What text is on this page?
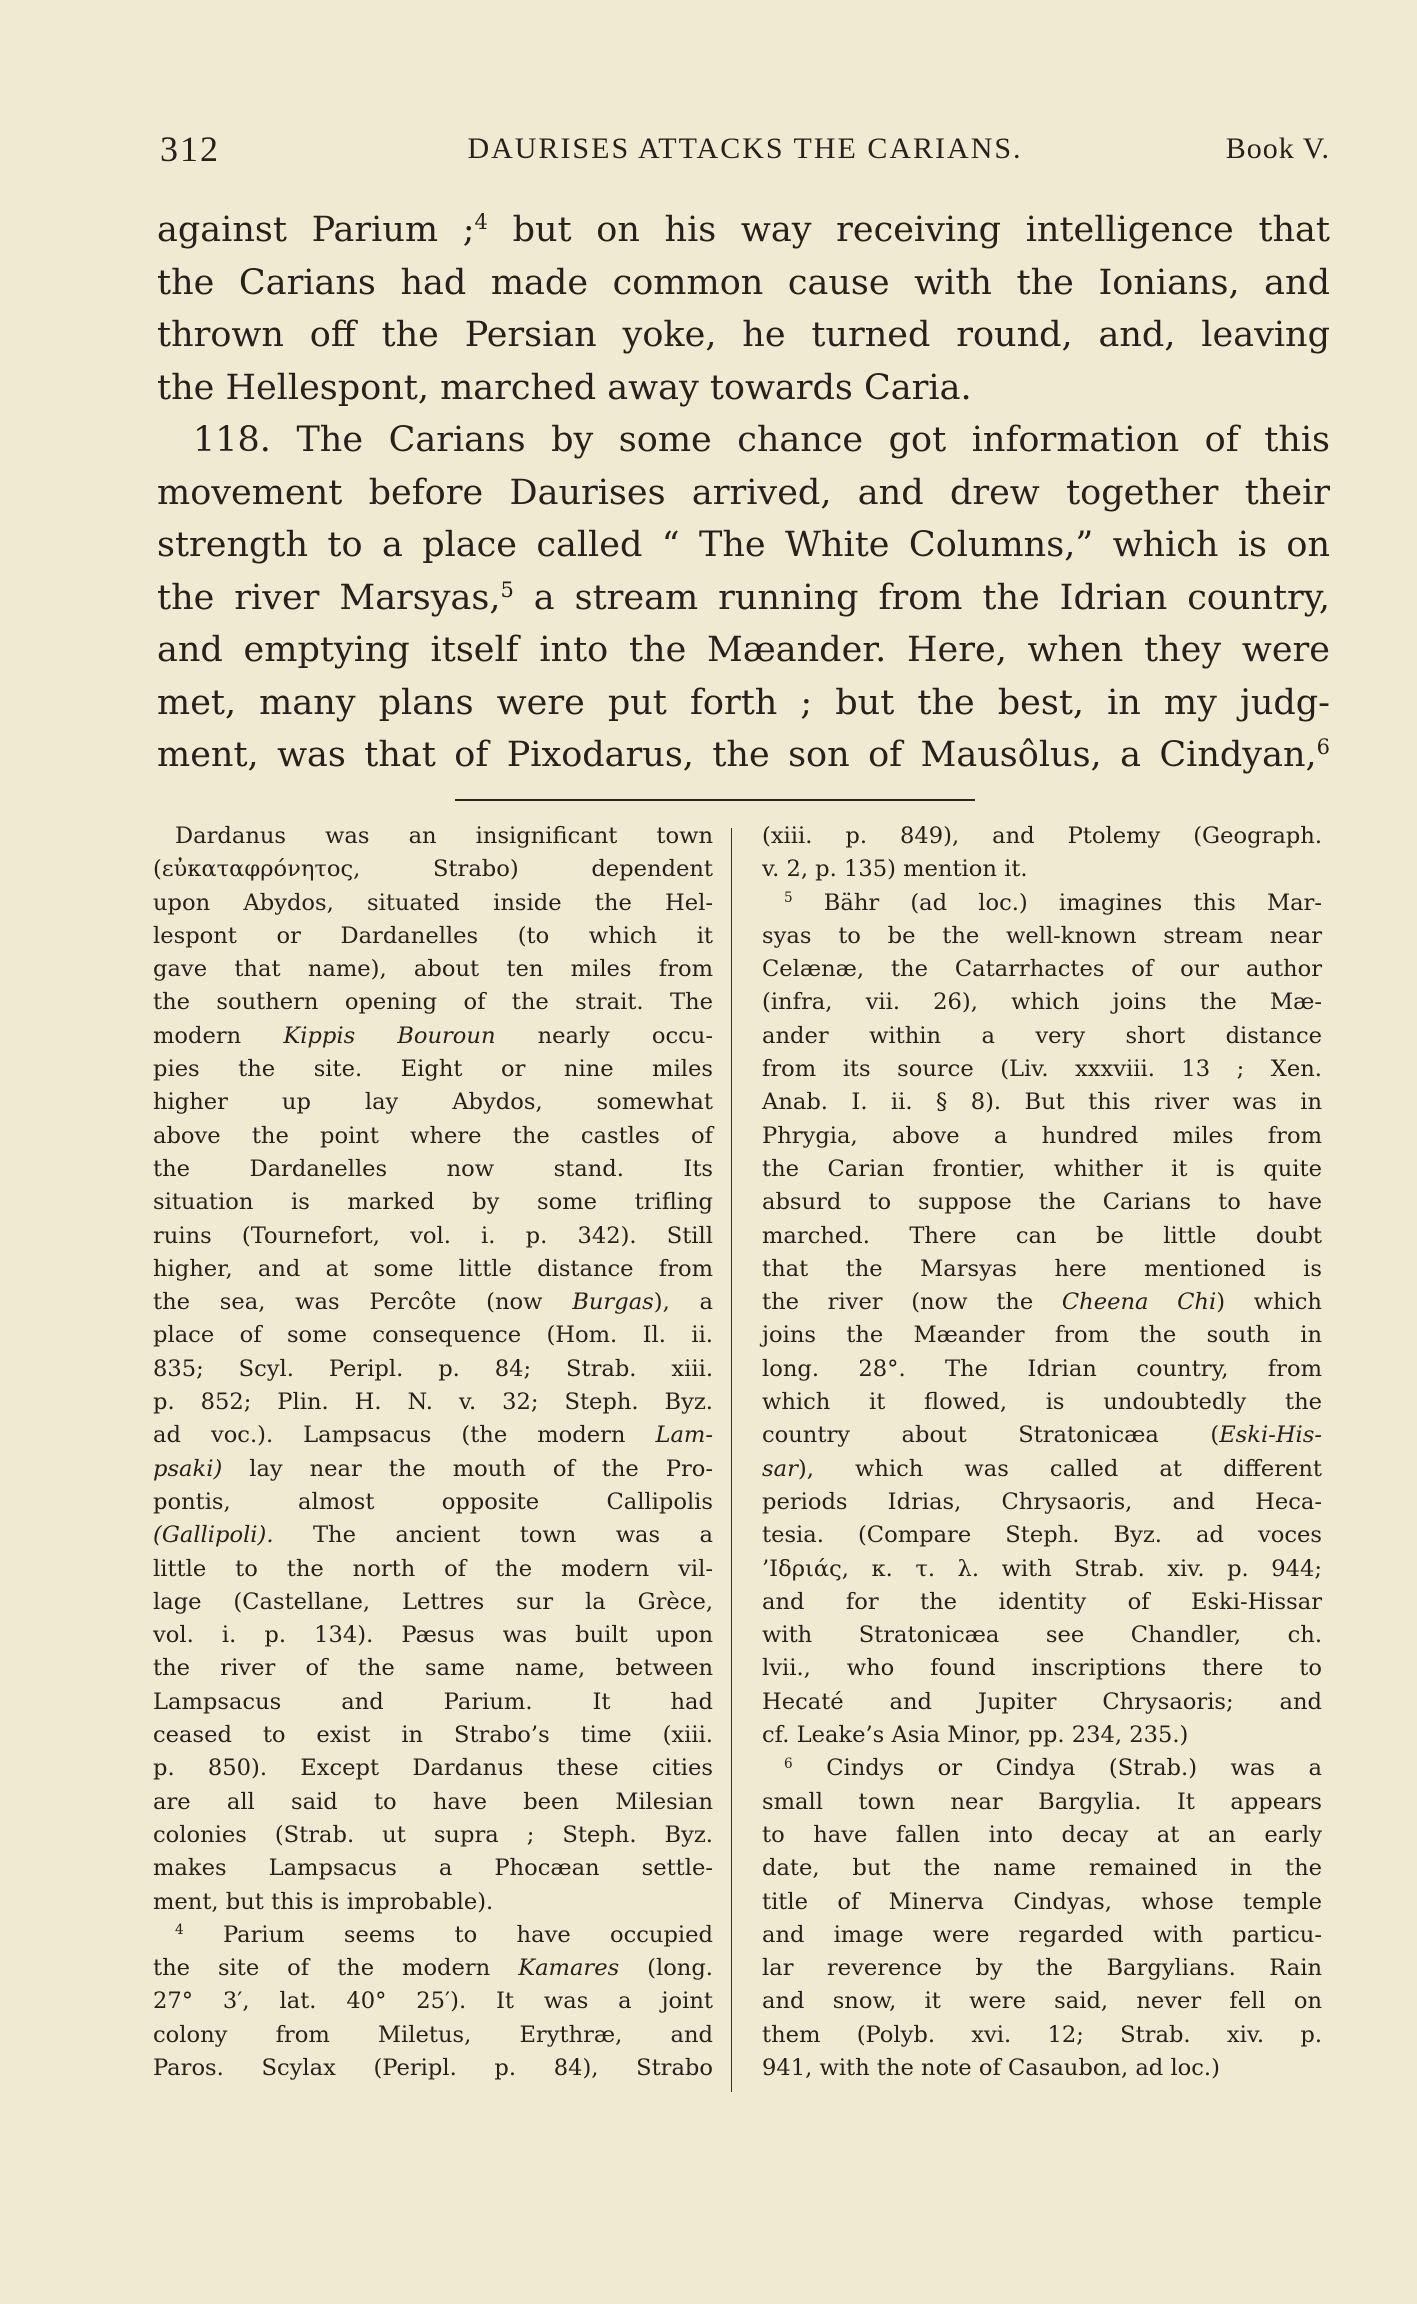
312	DAURISES ATTACKS THE CARIANS.	Book V.
against Parium ;$^4$ but on his way receiving intelligence that
the Carians had made common cause with the Ionians, and
thrown off the Persian yoke, he turned round, and, leaving
the Hellespont, marched away towards Caria.
118. The Carians by some chance got information of this
movement before Daurises arrived, and drew together their
strength to a place called “ The White Columns,” which is on
the river Marsyas,$^5$ a stream running from the Idrian country,
and emptying itself into the Mæander. Here, when they were
met, many plans were put forth ; but the best, in my judg-
ment, was that of Pixodarus, the son of Mausôlus, a Cindyan,$^6$
Dardanus was an insignificant town
(εὐκαταφρόνητος, Strabo) dependent
upon Abydos, situated inside the Hel-
lespont or Dardanelles (to which it
gave that name), about ten miles from
the southern opening of the strait. The
modern Kippis Bouroun nearly occu-
pies the site. Eight or nine miles
higher up lay Abydos, somewhat
above the point where the castles of
the Dardanelles now stand. Its
situation is marked by some trifling
ruins (Tournefort, vol. i. p. 342). Still
higher, and at some little distance from
the sea, was Percôte (now Burgas), a
place of some consequence (Hom. Il. ii.
835; Scyl. Peripl. p. 84; Strab. xiii.
p. 852; Plin. H. N. v. 32; Steph. Byz.
ad voc.). Lampsacus (the modern Lam-
psaki) lay near the mouth of the Pro-
pontis, almost opposite Callipolis
(Gallipoli). The ancient town was a
little to the north of the modern vil-
lage (Castellane, Lettres sur la Grèce,
vol. i. p. 134). Pæsus was built upon
the river of the same name, between
Lampsacus and Parium. It had
ceased to exist in Strabo’s time (xiii.
p. 850). Except Dardanus these cities
are all said to have been Milesian
colonies (Strab. ut supra ; Steph. Byz.
makes Lampsacus a Phocæan settle-
ment, but this is improbable).
$^4$ Parium seems to have occupied
the site of the modern Kamares (long.
27° 3′, lat. 40° 25′). It was a joint
colony from Miletus, Erythræ, and
Paros. Scylax (Peripl. p. 84), Strabo
(xiii. p. 849), and Ptolemy (Geograph.
v. 2, p. 135) mention it.
$^5$ Bähr (ad loc.) imagines this Mar-
syas to be the well-known stream near
Celænæ, the Catarrhactes of our author
(infra, vii. 26), which joins the Mæ-
ander within a very short distance
from its source (Liv. xxxviii. 13 ; Xen.
Anab. I. ii. § 8). But this river was in
Phrygia, above a hundred miles from
the Carian frontier, whither it is quite
absurd to suppose the Carians to have
marched. There can be little doubt
that the Marsyas here mentioned is
the river (now the Cheena Chi) which
joins the Mæander from the south in
long. 28°. The Idrian country, from
which it flowed, is undoubtedly the
country about Stratonicæa (Eski-His-
sar), which was called at different
periods Idrias, Chrysaoris, and Heca-
tesia. (Compare Steph. Byz. ad voces
’Ιδριάς, κ. τ. λ. with Strab. xiv. p. 944;
and for the identity of Eski-Hissar
with Stratonicæa see Chandler, ch.
lvii., who found inscriptions there to
Hecaté and Jupiter Chrysaoris; and
cf. Leake’s Asia Minor, pp. 234, 235.)
$^6$ Cindys or Cindya (Strab.) was a
small town near Bargylia. It appears
to have fallen into decay at an early
date, but the name remained in the
title of Minerva Cindyas, whose temple
and image were regarded with particu-
lar reverence by the Bargylians. Rain
and snow, it were said, never fell on
them (Polyb. xvi. 12; Strab. xiv. p.
941, with the note of Casaubon, ad loc.)
